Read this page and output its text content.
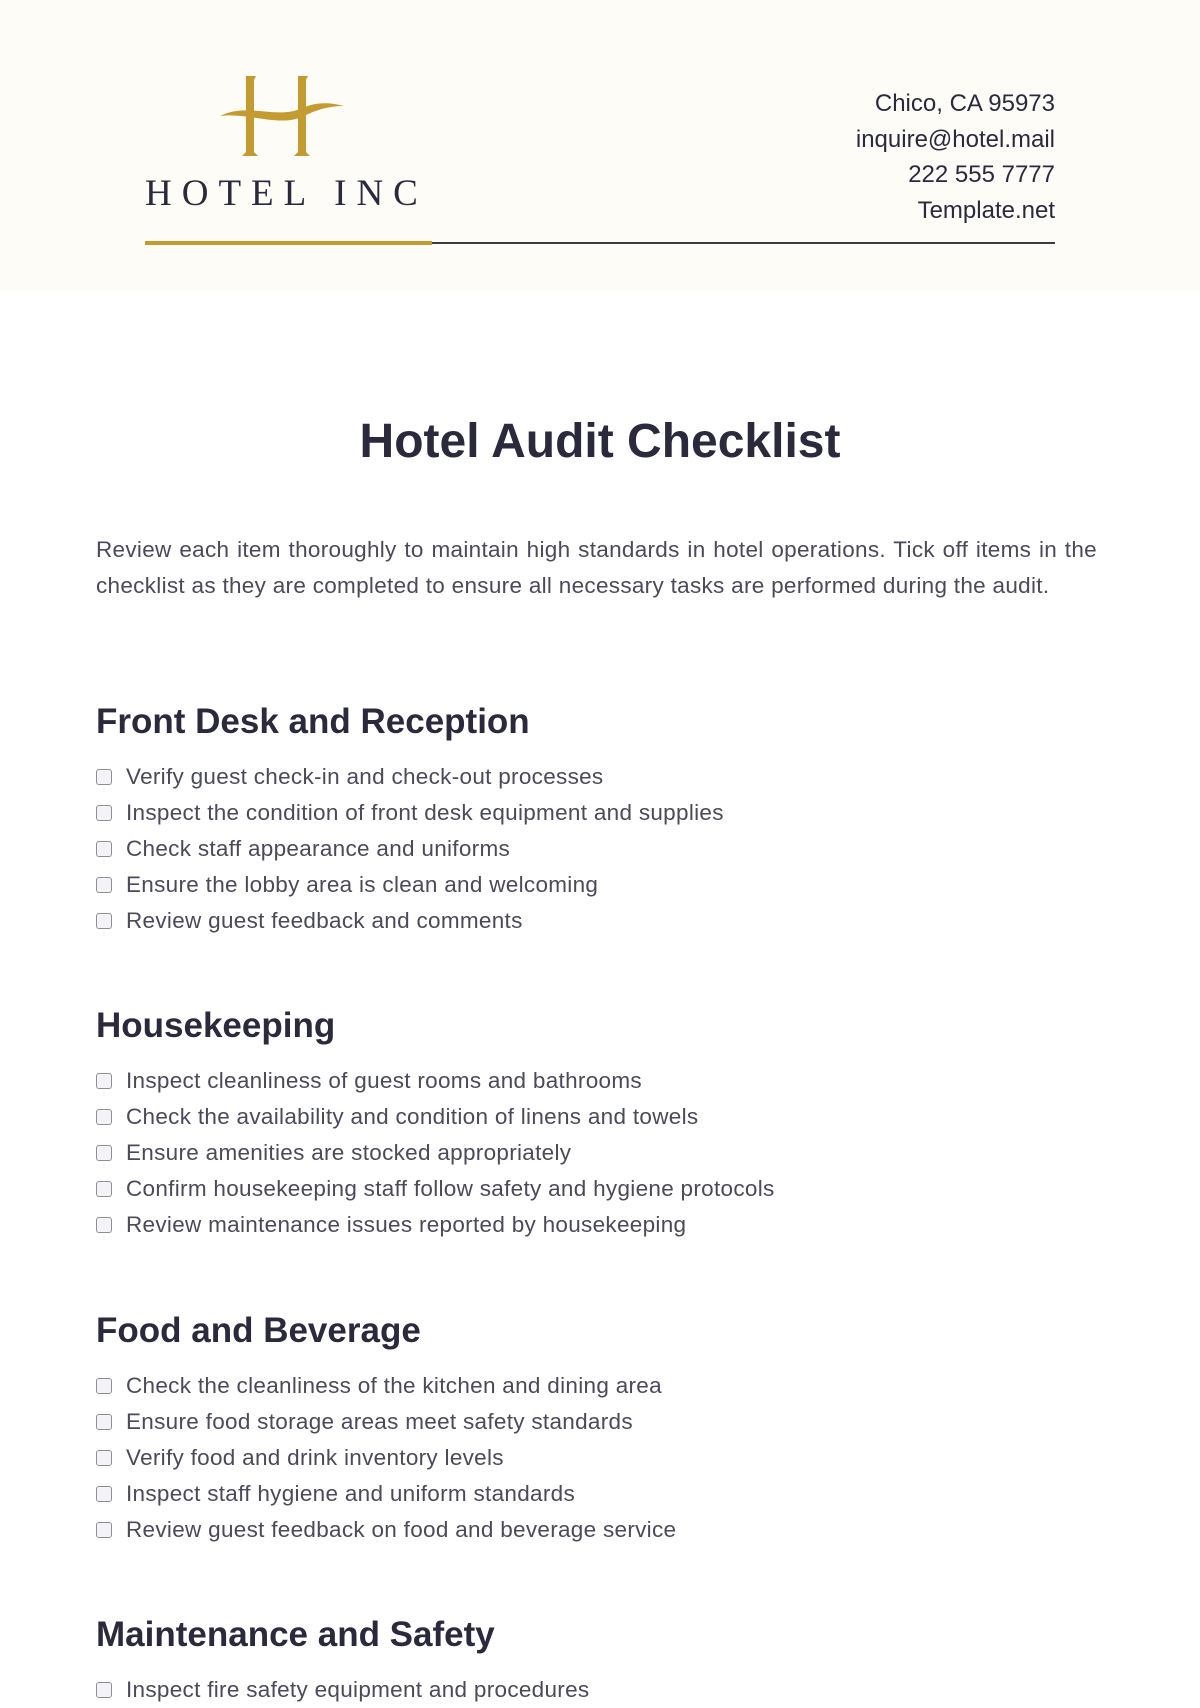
HOTEL INC
Chico, CA 95973
inquire@hotel.mail
222 555 7777
Template.net
Hotel Audit Checklist
Review each item thoroughly to maintain high standards in hotel operations. Tick off items in the checklist as they are completed to ensure all necessary tasks are performed during the audit.
Front Desk and Reception
Verify guest check-in and check-out processes
Inspect the condition of front desk equipment and supplies
Check staff appearance and uniforms
Ensure the lobby area is clean and welcoming
Review guest feedback and comments
Housekeeping
Inspect cleanliness of guest rooms and bathrooms
Check the availability and condition of linens and towels
Ensure amenities are stocked appropriately
Confirm housekeeping staff follow safety and hygiene protocols
Review maintenance issues reported by housekeeping
Food and Beverage
Check the cleanliness of the kitchen and dining area
Ensure food storage areas meet safety standards
Verify food and drink inventory levels
Inspect staff hygiene and uniform standards
Review guest feedback on food and beverage service
Maintenance and Safety
Inspect fire safety equipment and procedures
